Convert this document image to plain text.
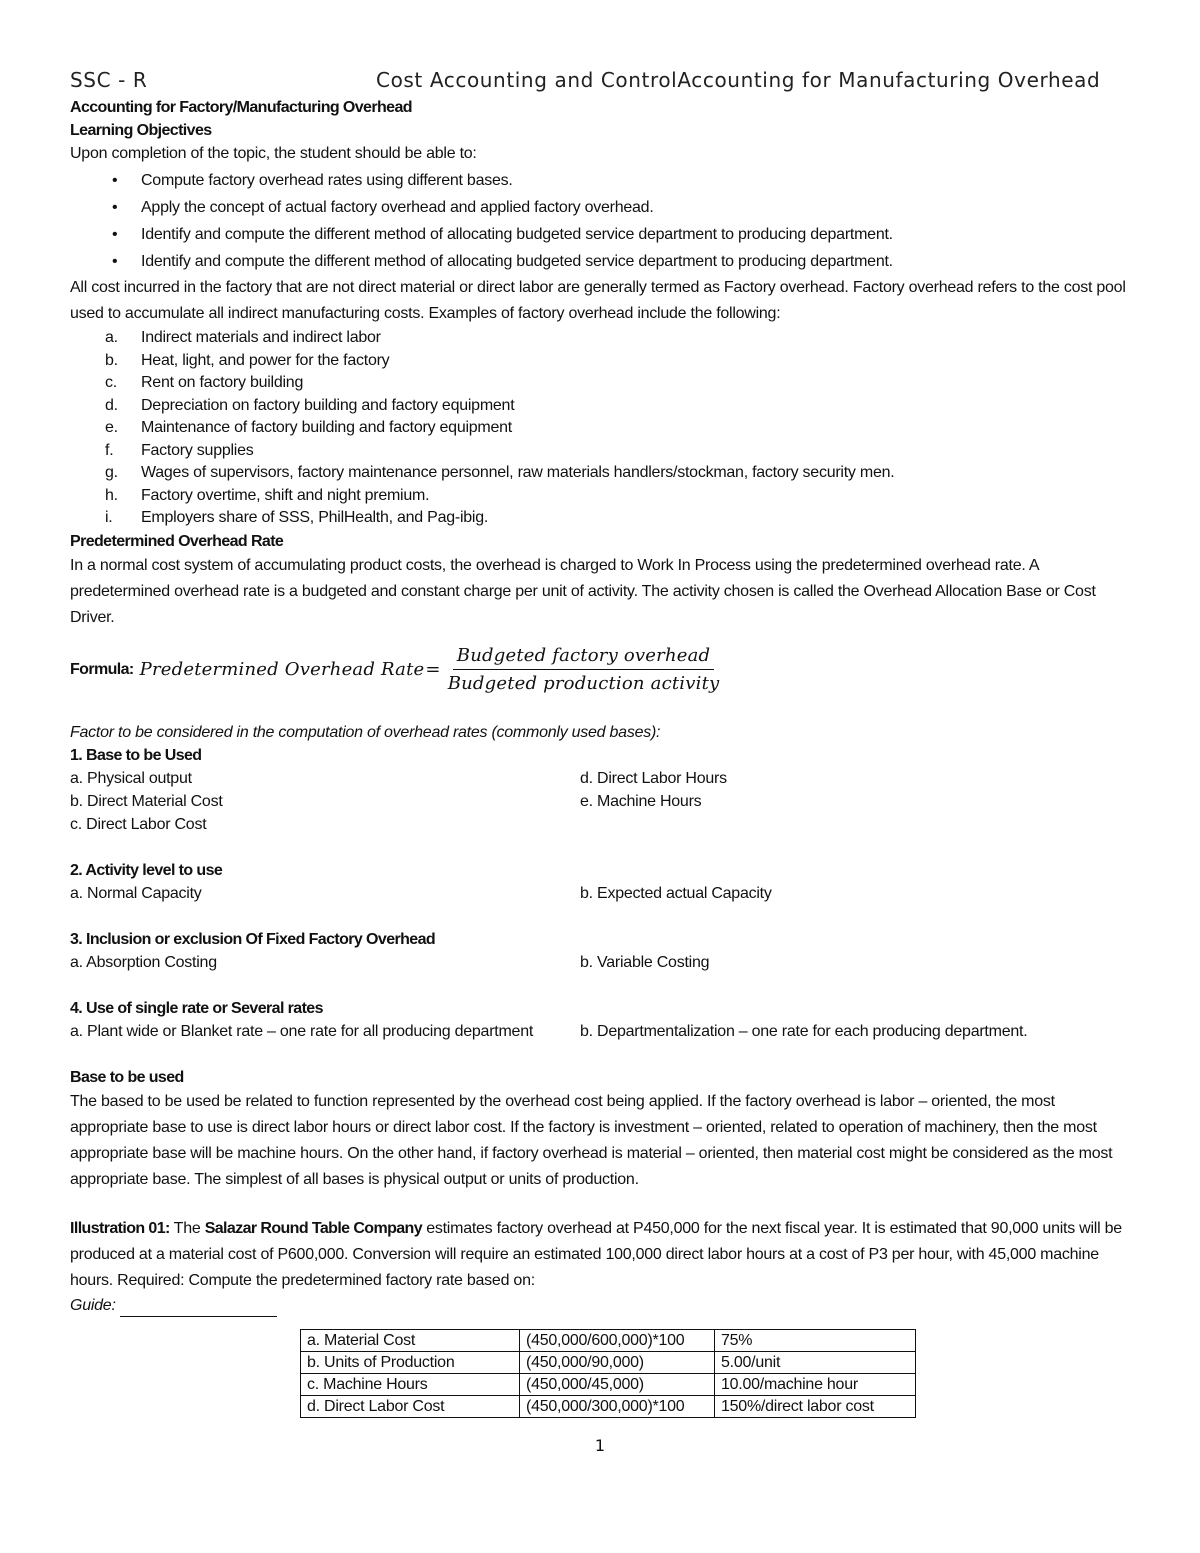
SSC - R	Cost Accounting and ControlAccounting for Manufacturing Overhead

Accounting for Factory/Manufacturing Overhead

Learning Objectives

Upon completion of the topic, the student should be able to:

• Compute factory overhead rates using different bases.
• Apply the concept of actual factory overhead and applied factory overhead.
• Identify and compute the different method of allocating budgeted service department to producing department.
• Identify and compute the different method of allocating budgeted service department to producing department.

All cost incurred in the factory that are not direct material or direct labor are generally termed as Factory overhead. Factory overhead refers to the cost pool used to accumulate all indirect manufacturing costs. Examples of factory overhead include the following:

a. Indirect materials and indirect labor
b. Heat, light, and power for the factory
c. Rent on factory building
d. Depreciation on factory building and factory equipment
e. Maintenance of factory building and factory equipment
f. Factory supplies
g. Wages of supervisors, factory maintenance personnel, raw materials handlers/stockman, factory security men.
h. Factory overtime, shift and night premium.
i. Employers share of SSS, PhilHealth, and Pag-ibig.

Predetermined Overhead Rate

In a normal cost system of accumulating product costs, the overhead is charged to Work In Process using the predetermined overhead rate. A predetermined overhead rate is a budgeted and constant charge per unit of activity. The activity chosen is called the Overhead Allocation Base or Cost Driver.

Formula: Predetermined Overhead Rate = $\frac{\text{Budgeted factory overhead}}{\text{Budgeted production activity}}$

Factor to be considered in the computation of overhead rates (commonly used bases):

1. Base to be Used

a. Physical output

b. Direct Material Cost

c. Direct Labor Cost

d. Direct Labor Hours

e. Machine Hours

2. Activity level to use

a. Normal Capacity	b. Expected actual Capacity

3. Inclusion or exclusion Of Fixed Factory Overhead

a. Absorption Costing	b. Variable Costing

4. Use of single rate or Several rates

a. Plant wide or Blanket rate – one rate for all producing department	b. Departmentalization – one rate for each producing department.

Base to be used

The based to be used be related to function represented by the overhead cost being applied. If the factory overhead is labor – oriented, the most appropriate base to use is direct labor hours or direct labor cost. If the factory is investment – oriented, related to operation of machinery, then the most appropriate base will be machine hours. On the other hand, if factory overhead is material – oriented, then material cost might be considered as the most appropriate base. The simplest of all bases is physical output or units of production.

Illustration 01: The Salazar Round Table Company estimates factory overhead at P450,000 for the next fiscal year. It is estimated that 90,000 units will be produced at a material cost of P600,000. Conversion will require an estimated 100,000 direct labor hours at a cost of P3 per hour, with 45,000 machine hours. Required: Compute the predetermined factory rate based on:

Guide:

a. Material Cost	(450,000/600,000)*100	75%
b. Units of Production	(450,000/90,000)	5.00/unit
c. Machine Hours	(450,000/45,000)	10.00/machine hour
d. Direct Labor Cost	(450,000/300,000)*100	150%/direct labor cost
1
